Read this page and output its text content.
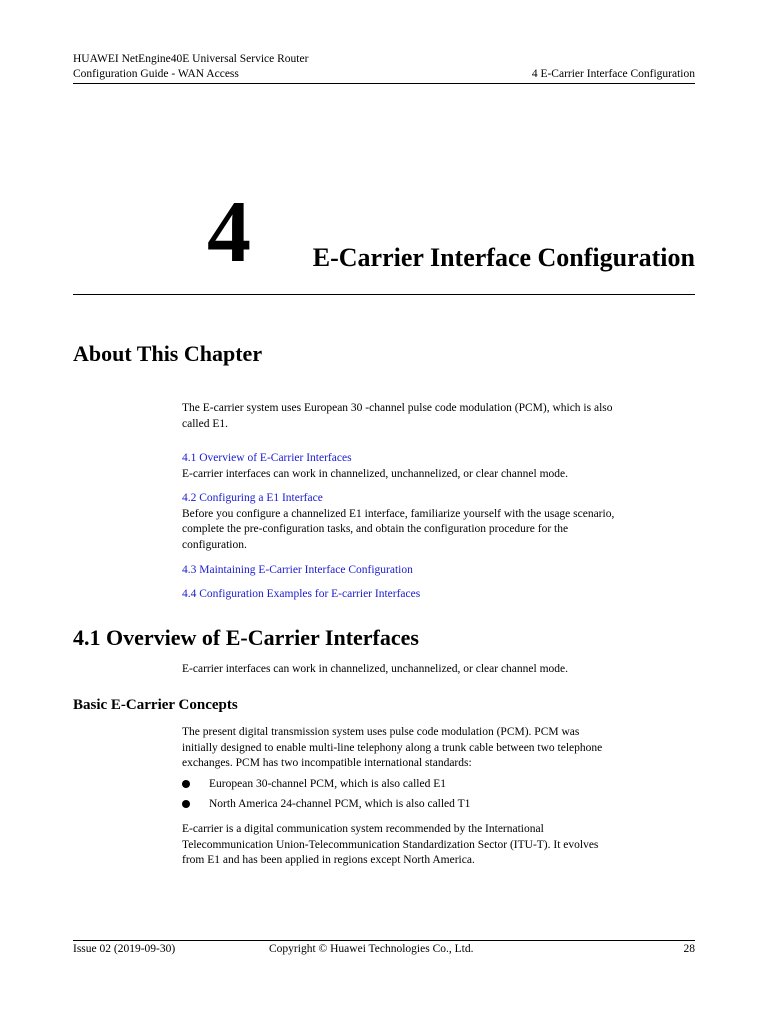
HUAWEI NetEngine40E Universal Service Router
Configuration Guide - WAN Access	4 E-Carrier Interface Configuration
4 E-Carrier Interface Configuration
About This Chapter
The E-carrier system uses European 30 -channel pulse code modulation (PCM), which is also
called E1.
4.1 Overview of E-Carrier Interfaces
E-carrier interfaces can work in channelized, unchannelized, or clear channel mode.
4.2 Configuring a E1 Interface
Before you configure a channelized E1 interface, familiarize yourself with the usage scenario,
complete the pre-configuration tasks, and obtain the configuration procedure for the
configuration.
4.3 Maintaining E-Carrier Interface Configuration
4.4 Configuration Examples for E-carrier Interfaces
4.1 Overview of E-Carrier Interfaces
E-carrier interfaces can work in channelized, unchannelized, or clear channel mode.
Basic E-Carrier Concepts
The present digital transmission system uses pulse code modulation (PCM). PCM was
initially designed to enable multi-line telephony along a trunk cable between two telephone
exchanges. PCM has two incompatible international standards:
European 30-channel PCM, which is also called E1
North America 24-channel PCM, which is also called T1
E-carrier is a digital communication system recommended by the International
Telecommunication Union-Telecommunication Standardization Sector (ITU-T). It evolves
from E1 and has been applied in regions except North America.
Issue 02 (2019-09-30)	Copyright © Huawei Technologies Co., Ltd.	28
